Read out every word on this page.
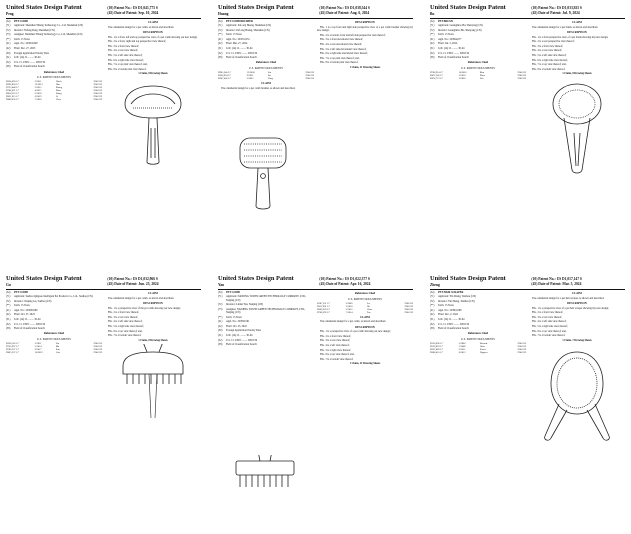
United States Design Patent
Peng
(10) Patent No.: US D1,041,775 S
(45) Date of Patent: Sep. 10, 2024
(54)	PET COMB
(71)	Applicant: Shenzhen Yihang Technology Co., Ltd, Shenzhen (CN)
(72)	Inventor: Yufeng Peng, Shenzhen (CN)
(73)	Assignee: Shenzhen Yihang Technology Co., Ltd, Shenzhen (CN)
(**)	Term: 15 Years
(21)	Appl. No.: 29/916,848
(22)	Filed: Dec. 27, 2023
(30)	Foreign Application Priority Data
(51)	LOC (14) Cl. ........ 30-04
(52)	U.S. Cl. USPC ........ D30/159
(58)	Field of Classification Search
References Cited
U.S. PATENT DOCUMENTS
D634,493 S *	3/2011	Hsieh	D30/159
D696,830 S *	12/2013	Hsu	D30/159
D725,448 S *	3/2015	Zhang	D30/159
D784,621 S *	4/2017	Zhao	D30/159
D818,223 S *	5/2018	Wang	D30/159
D851,815 S *	6/2019	Li	D30/159
D889,056 S *	7/2020	Chen	D30/159
CLAIM
The ornamental design for a pet comb, as shown and described.
DESCRIPTION
FIG. 1 is a front, left and top perspective view of a pet comb showing our new design;
FIG. 2 is a front, right and top perspective view thereof;
FIG. 3 is a front view thereof;
FIG. 4 is a rear view thereof;
FIG. 5 is a left side view thereof;
FIG. 6 is a right side view thereof;
FIG. 7 is a top plan view thereof; and,
FIG. 8 is a bottom plan view thereof.
1 Claim, 8 Drawing Sheets
United States Design Patent
Huang
(10) Patent No.: US D1,038,544 S
(45) Date of Patent: Aug. 6, 2024
(54)	PET COMB BRUSHER
(71)	Applicant: Jiaf-ong Huang, Shenzhen (CN)
(72)	Inventor: Jiaf-ong Huang, Shenzhen (CN)
(**)	Term: 15 Years
(21)	Appl. No.: 29/931,974
(22)	Filed: Mar. 27, 2024
(51)	LOC (14) Cl. ........ 30-04
(52)	U.S. Cl. USPC ........ D30/159
(58)	Field of Classification Search
References Cited
U.S. PATENT DOCUMENTS
D905,340 S *	12/2020	Liu	D30/159
D930,924 S *	9/2021	Xu	D30/159
D947,466 S *	3/2022	Yang	D30/159
CLAIM
The ornamental design for a pet comb brusher, as shown and described.
DESCRIPTION
FIG. 1 is a top front and right side perspective view of a pet comb brusher showing my new design;
FIG. 2 is a bottom, front and left side perspective view thereof;
FIG. 3 is a front elevational view thereof;
FIG. 4 is a rear elevational view thereof;
FIG. 5 is a left side elevational view thereof;
FIG. 6 is a right side elevational view thereof;
FIG. 7 is a top plan view thereof; and,
FIG. 8 is a bottom plan view thereof.
1 Claim, 21 Drawing Sheets
United States Design Patent
Bu
(10) Patent No.: US D1,033,925 S
(45) Date of Patent: Jul. 9, 2024
(54)	PET BRUSH
(71)	Applicant: Guangmiao Bu, Shenyang (CN)
(72)	Inventor: Guangmiao Bu, Shenyang (CN)
(**)	Term: 15 Years
(21)	Appl. No.: 29/894,677
(22)	Filed: Jan. 2, 2024
(51)	LOC (14) Cl. ........ 30-04
(52)	U.S. Cl. USPC ........ D30/159
(58)	Field of Classification Search
References Cited
U.S. PATENT DOCUMENTS
D768,914 S *	10/2016	Kim	D30/159
D812,306 S *	3/2018	Zhou	D30/159
D874,773 S *	2/2020	Wu	D30/159
CLAIM
The ornamental design for a pet brush, as shown and described.
DESCRIPTION
FIG. 1 is a front perspective view of a pet brush showing my new design;
FIG. 2 is a rear perspective view thereof;
FIG. 3 is a front view thereof;
FIG. 4 is a rear view thereof;
FIG. 5 is a left side view thereof;
FIG. 6 is a right side view thereof;
FIG. 7 is a top view thereof; and,
FIG. 8 is a bottom view thereof.
1 Claim, 8 Drawing Sheets
United States Design Patent
Gu
(10) Patent No.: US D1,032,966 S
(45) Date of Patent: Jun. 25, 2024
(54)	PET COMB
(71)	Applicant: Suzhou Qingsuo Intelligent Pet Products Co., Ltd., Suzhou (CN)
(72)	Inventor: Xiaping Gu, Suzhou (CN)
(**)	Term: 15 Years
(21)	Appl. No.: 29/900,960
(22)	Filed: Oct. 27, 2023
(51)	LOC (14) Cl. ........ 30-04
(52)	U.S. Cl. USPC ........ D30/159
(58)	Field of Classification Search
References Cited
U.S. PATENT DOCUMENTS
D638,143 S *	5/2011	Lin	D30/159
D705,997 S *	5/2014	Ma	D30/159
D790,127 S *	9/2017	Sun	D30/159
D865,337 S *	10/2019	Gao	D30/159
CLAIM
The ornamental design for a pet comb, as shown and described.
DESCRIPTION
FIG. 1 is a perspective view of the pet comb showing our new design;
FIG. 2 is a front view thereof;
FIG. 3 is a rear view thereof;
FIG. 4 is a left side view thereof;
FIG. 5 is a right side view thereof;
FIG. 6 is a top view thereof; and,
FIG. 7 is a bottom view thereof.
1 Claim, 8 Drawing Sheets
United States Design Patent
Yan
(10) Patent No.: US D1,022,377 S
(45) Date of Patent: Apr. 16, 2024
(54)	PET COMB
(71)	Applicant: NANJING TOWIN GREEN TECHNOLOGY COMPANY, LTD., Nanjing (CN)
(72)	Inventor: Linlan Yan, Nanjing (CN)
(73)	Assignee: NANJING TOWIN GREEN TECHNOLOGY COMPANY, LTD., Nanjing (CN)
(**)	Term: 15 Years
(21)	Appl. No.: 29/856,591
(22)	Filed: Oct. 25, 2022
(30)	Foreign Application Priority Data
(51)	LOC (14) Cl. ........ 30-04
(52)	U.S. Cl. USPC ........ D30/159
(58)	Field of Classification Search
References Cited
U.S. PATENT DOCUMENTS
D587,551 S *	3/2009	Lee	D30/159
D612,991 S *	3/2010	Ho	D30/159
D660,529 S *	5/2012	Chan	D30/159
D708,392 S *	7/2014	Tan	D30/159
CLAIM
The ornamental design for a pet comb, as shown and described.
DESCRIPTION
FIG. 1 is a perspective view of a pet comb showing our new design;
FIG. 2 is a front view thereof;
FIG. 3 is a rear view thereof;
FIG. 4 is a left view thereof;
FIG. 5 is a right view thereof;
FIG. 6 is a top view thereof; and,
FIG. 7 is a bottom view thereof.
1 Claim, 22 Drawing Sheets
United States Design Patent
Zheng
(10) Patent No.: US D1,017,147 S
(45) Date of Patent: Mar. 5, 2024
(54)	PET HAIR SCRAPER
(71)	Applicant: Yin Zheng, Taizhou (CN)
(72)	Inventor: Yin Zheng, Taizhou (CN)
(**)	Term: 15 Years
(21)	Appl. No.: 29/861,086
(22)	Filed: Dec. 2, 2022
(51)	LOC (14) Cl. ........ 30-04
(52)	U.S. Cl. USPC ........ D30/159
(58)	Field of Classification Search
References Cited
U.S. PATENT DOCUMENTS
D520,690 S *	5/2006	Bennett	D30/159
D558,929 S *	1/2008	Ortiz	D30/159
D632,849 S *	2/2011	Porter	D30/159
D688,010 S *	8/2013	Nguyen	D30/159
CLAIM
The ornamental design for a pet hair scraper, as shown and described.
DESCRIPTION
FIG. 1 is a perspective view of a pet hair scraper showing my new design;
FIG. 2 is a front view thereof;
FIG. 3 is a rear view thereof;
FIG. 4 is a left side view thereof;
FIG. 5 is a right side view thereof;
FIG. 6 is a top view thereof; and,
FIG. 7 is a bottom view thereof.
1 Claim, 7 Drawing Sheets
